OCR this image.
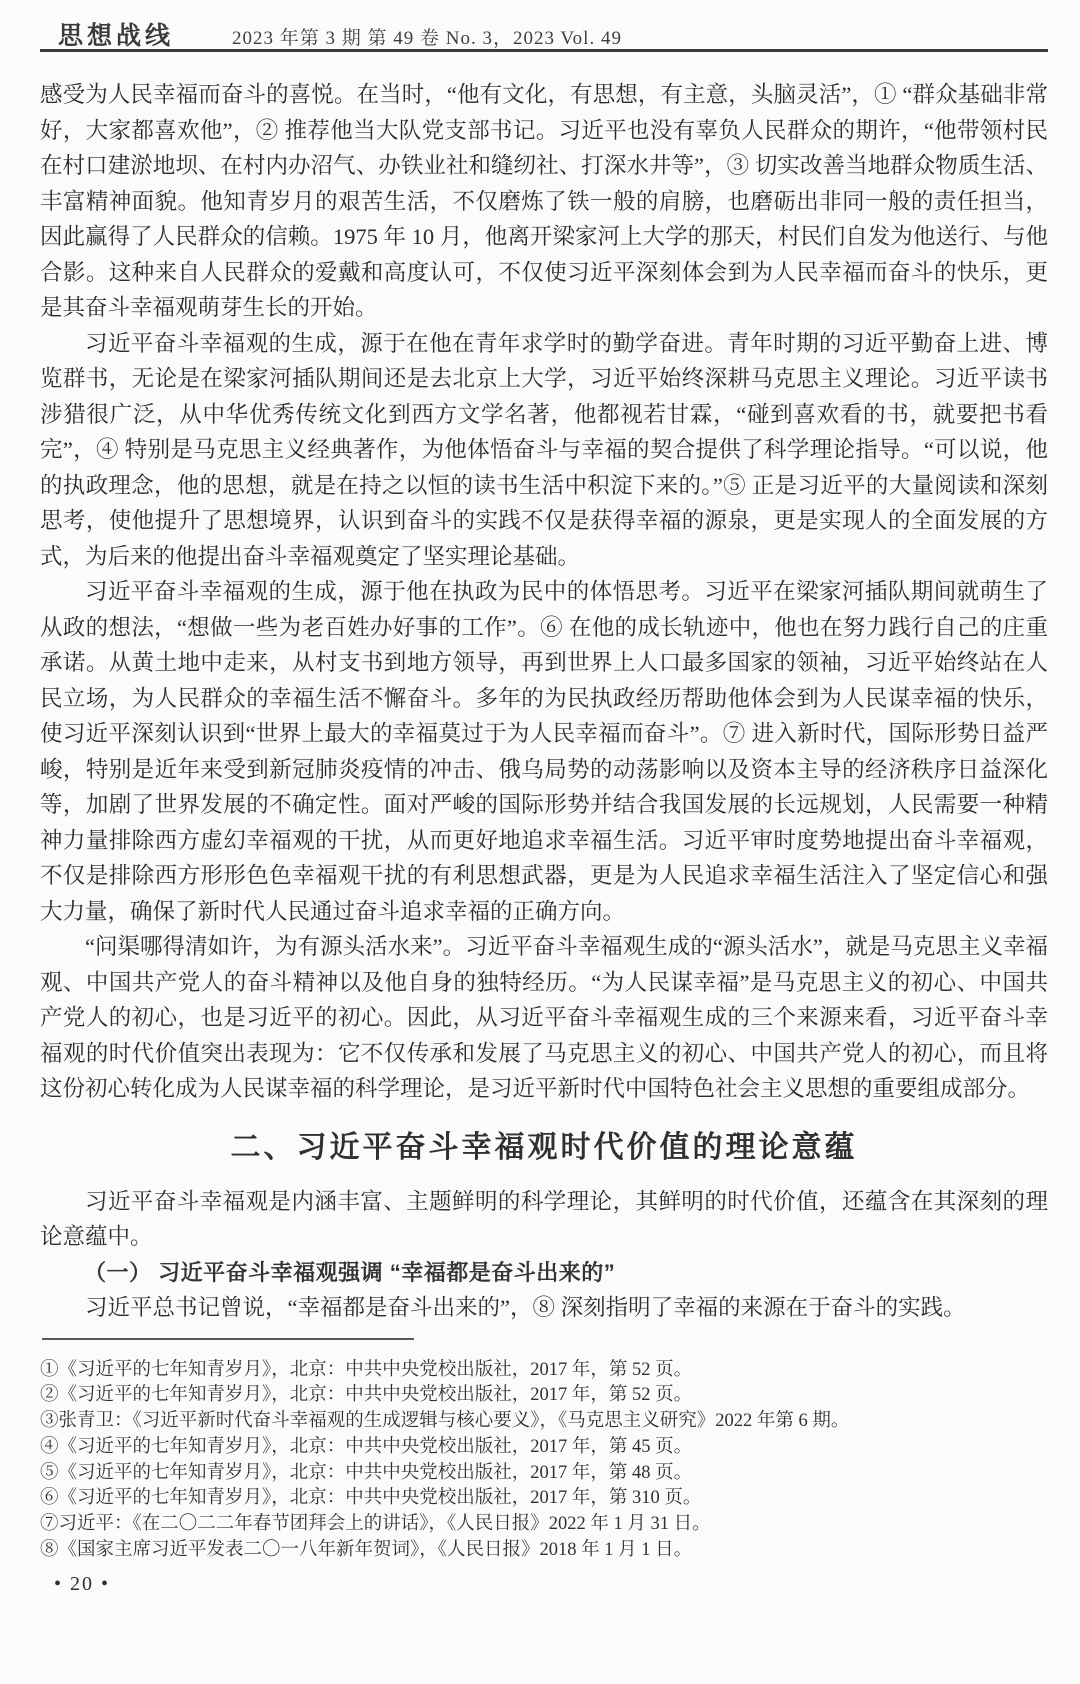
思想战线	2023 年第 3 期 第 49 卷 No. 3，2023 Vol. 49

感受为人民幸福而奋斗的喜悦。在当时，“他有文化，有思想，有主意，头脑灵活”，① “群众基础非常好，大家都喜欢他”，② 推荐他当大队党支部书记。习近平也没有辜负人民群众的期许，“他带领村民在村口建淤地坝、在村内办沼气、办铁业社和缝纫社、打深水井等”，③ 切实改善当地群众物质生活、丰富精神面貌。他知青岁月的艰苦生活，不仅磨炼了铁一般的肩膀，也磨砺出非同一般的责任担当，因此赢得了人民群众的信赖。1975 年 10 月，他离开梁家河上大学的那天，村民们自发为他送行、与他合影。这种来自人民群众的爱戴和高度认可，不仅使习近平深刻体会到为人民幸福而奋斗的快乐，更是其奋斗幸福观萌芽生长的开始。

习近平奋斗幸福观的生成，源于在他在青年求学时的勤学奋进。青年时期的习近平勤奋上进、博览群书，无论是在梁家河插队期间还是去北京上大学，习近平始终深耕马克思主义理论。习近平读书涉猎很广泛，从中华优秀传统文化到西方文学名著，他都视若甘霖，“碰到喜欢看的书，就要把书看完”，④ 特别是马克思主义经典著作，为他体悟奋斗与幸福的契合提供了科学理论指导。“可以说，他的执政理念，他的思想，就是在持之以恒的读书生活中积淀下来的。”⑤ 正是习近平的大量阅读和深刻思考，使他提升了思想境界，认识到奋斗的实践不仅是获得幸福的源泉，更是实现人的全面发展的方式，为后来的他提出奋斗幸福观奠定了坚实理论基础。

习近平奋斗幸福观的生成，源于他在执政为民中的体悟思考。习近平在梁家河插队期间就萌生了从政的想法，“想做一些为老百姓办好事的工作”。⑥ 在他的成长轨迹中，他也在努力践行自己的庄重承诺。从黄土地中走来，从村支书到地方领导，再到世界上人口最多国家的领袖，习近平始终站在人民立场，为人民群众的幸福生活不懈奋斗。多年的为民执政经历帮助他体会到为人民谋幸福的快乐，使习近平深刻认识到“世界上最大的幸福莫过于为人民幸福而奋斗”。⑦ 进入新时代，国际形势日益严峻，特别是近年来受到新冠肺炎疫情的冲击、俄乌局势的动荡影响以及资本主导的经济秩序日益深化等，加剧了世界发展的不确定性。面对严峻的国际形势并结合我国发展的长远规划，人民需要一种精神力量排除西方虚幻幸福观的干扰，从而更好地追求幸福生活。习近平审时度势地提出奋斗幸福观，不仅是排除西方形形色色幸福观干扰的有利思想武器，更是为人民追求幸福生活注入了坚定信心和强大力量，确保了新时代人民通过奋斗追求幸福的正确方向。

“问渠哪得清如许，为有源头活水来”。习近平奋斗幸福观生成的“源头活水”，就是马克思主义幸福观、中国共产党人的奋斗精神以及他自身的独特经历。“为人民谋幸福”是马克思主义的初心、中国共产党人的初心，也是习近平的初心。因此，从习近平奋斗幸福观生成的三个来源来看，习近平奋斗幸福观的时代价值突出表现为：它不仅传承和发展了马克思主义的初心、中国共产党人的初心，而且将这份初心转化成为人民谋幸福的科学理论，是习近平新时代中国特色社会主义思想的重要组成部分。

二、习近平奋斗幸福观时代价值的理论意蕴

习近平奋斗幸福观是内涵丰富、主题鲜明的科学理论，其鲜明的时代价值，还蕴含在其深刻的理论意蕴中。

（一） 习近平奋斗幸福观强调 “幸福都是奋斗出来的”

习近平总书记曾说，“幸福都是奋斗出来的”，⑧ 深刻指明了幸福的来源在于奋斗的实践。

①《习近平的七年知青岁月》，北京：中共中央党校出版社，2017 年，第 52 页。

②《习近平的七年知青岁月》，北京：中共中央党校出版社，2017 年，第 52 页。

③张青卫：《习近平新时代奋斗幸福观的生成逻辑与核心要义》，《马克思主义研究》2022 年第 6 期。

④《习近平的七年知青岁月》，北京：中共中央党校出版社，2017 年，第 45 页。

⑤《习近平的七年知青岁月》，北京：中共中央党校出版社，2017 年，第 48 页。

⑥《习近平的七年知青岁月》，北京：中共中央党校出版社，2017 年，第 310 页。

⑦习近平：《在二〇二二年春节团拜会上的讲话》，《人民日报》2022 年 1 月 31 日。

⑧《国家主席习近平发表二〇一八年新年贺词》，《人民日报》2018 年 1 月 1 日。

• 20 •
